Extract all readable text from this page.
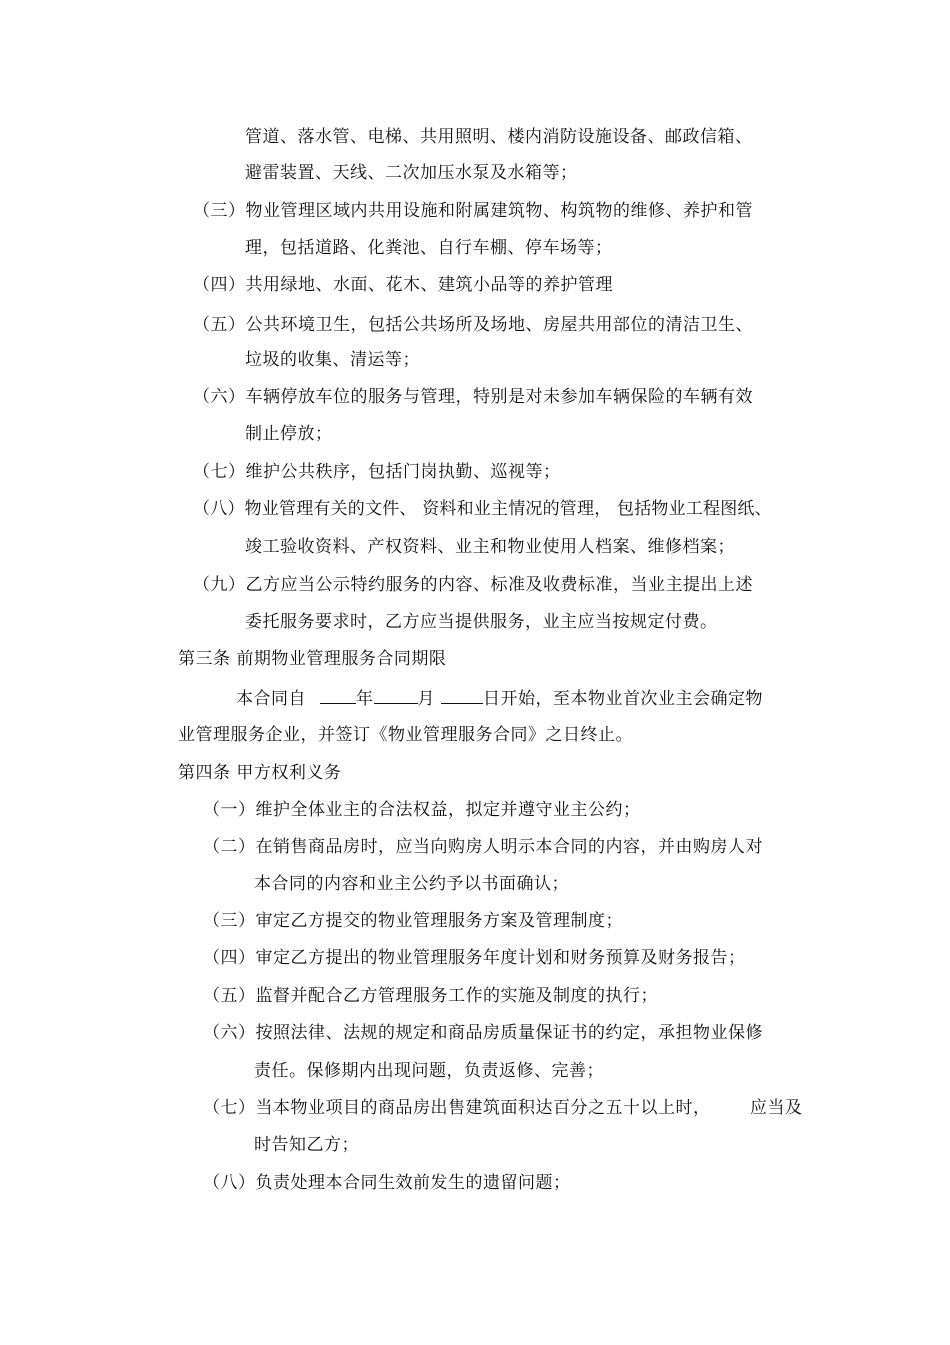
管道、落水管、电梯、共用照明、楼内消防设施设备、邮政信箱、
避雷装置、天线、二次加压水泵及水箱等；
（三）物业管理区域内共用设施和附属建筑物、构筑物的维修、养护和管
理，包括道路、化粪池、自行车棚、停车场等；
（四）共用绿地、水面、花木、建筑小品等的养护管理
（五）公共环境卫生，包括公共场所及场地、房屋共用部位的清洁卫生、
垃圾的收集、清运等；
（六）车辆停放车位的服务与管理，特别是对未参加车辆保险的车辆有效
制止停放；
（七）维护公共秩序，包括门岗执勤、巡视等；
（八）物业管理有关的文件、 资料和业主情况的管理， 包括物业工程图纸、
竣工验收资料、产权资料、业主和物业使用人档案、维修档案；
（九）乙方应当公示特约服务的内容、标准及收费标准，当业主提出上述
委托服务要求时，乙方应当提供服务，业主应当按规定付费。
第三条 前期物业管理服务合同期限
本合同自	年	月	日开始，至本物业首次业主会确定物
业管理服务企业，并签订《物业管理服务合同》之日终止。
第四条 甲方权利义务
（一）维护全体业主的合法权益，拟定并遵守业主公约；
（二）在销售商品房时，应当向购房人明示本合同的内容，并由购房人对
本合同的内容和业主公约予以书面确认；
（三）审定乙方提交的物业管理服务方案及管理制度；
（四）审定乙方提出的物业管理服务年度计划和财务预算及财务报告；
（五）监督并配合乙方管理服务工作的实施及制度的执行；
（六）按照法律、法规的规定和商品房质量保证书的约定，承担物业保修
责任。保修期内出现问题，负责返修、完善；
（七）当本物业项目的商品房出售建筑面积达百分之五十以上时， 应当及
时告知乙方；
（八）负责处理本合同生效前发生的遗留问题；
